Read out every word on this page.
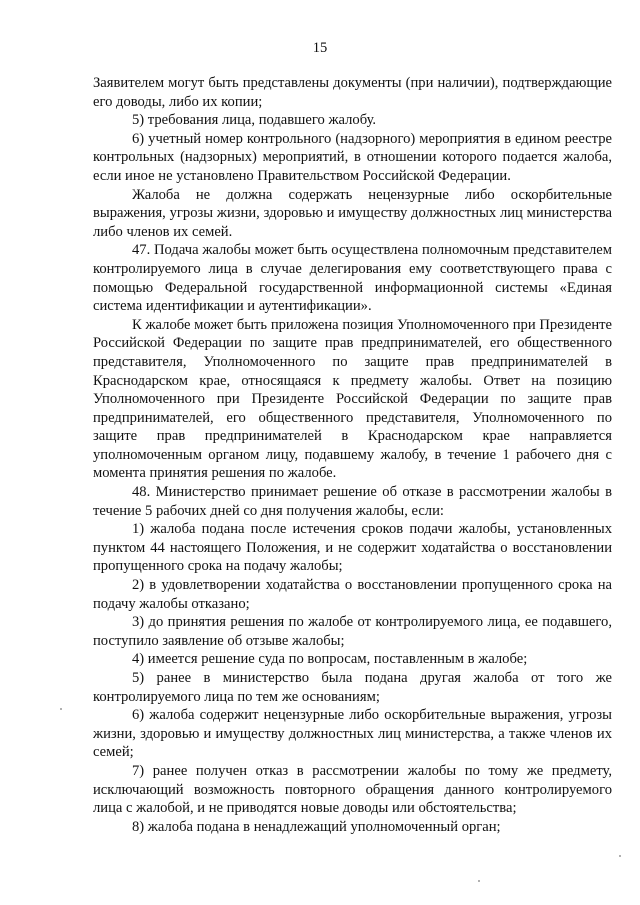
15

Заявителем могут быть представлены документы (при наличии), подтверждающие его доводы, либо их копии;

5) требования лица, подавшего жалобу.

6) учетный номер контрольного (надзорного) мероприятия в едином реестре контрольных (надзорных) мероприятий, в отношении которого подается жалоба, если иное не установлено Правительством Российской Федерации.

Жалоба не должна содержать нецензурные либо оскорбительные выражения, угрозы жизни, здоровью и имуществу должностных лиц министерства либо членов их семей.

47. Подача жалобы может быть осуществлена полномочным представителем контролируемого лица в случае делегирования ему соответствующего права с помощью Федеральной государственной информационной системы «Единая система идентификации и аутентификации».

К жалобе может быть приложена позиция Уполномоченного при Президенте Российской Федерации по защите прав предпринимателей, его общественного представителя, Уполномоченного по защите прав предпринимателей в Краснодарском крае, относящаяся к предмету жалобы. Ответ на позицию Уполномоченного при Президенте Российской Федерации по защите прав предпринимателей, его общественного представителя, Уполномоченного по защите прав предпринимателей в Краснодарском крае направляется уполномоченным органом лицу, подавшему жалобу, в течение 1 рабочего дня с момента принятия решения по жалобе.

48. Министерство принимает решение об отказе в рассмотрении жалобы в течение 5 рабочих дней со дня получения жалобы, если:

1) жалоба подана после истечения сроков подачи жалобы, установленных пунктом 44 настоящего Положения, и не содержит ходатайства о восстановлении пропущенного срока на подачу жалобы;

2) в удовлетворении ходатайства о восстановлении пропущенного срока на подачу жалобы отказано;

3) до принятия решения по жалобе от контролируемого лица, ее подавшего, поступило заявление об отзыве жалобы;

4) имеется решение суда по вопросам, поставленным в жалобе;

5) ранее в министерство была подана другая жалоба от того же контролируемого лица по тем же основаниям;

6) жалоба содержит нецензурные либо оскорбительные выражения, угрозы жизни, здоровью и имуществу должностных лиц министерства, а также членов их семей;

7) ранее получен отказ в рассмотрении жалобы по тому же предмету, исключающий возможность повторного обращения данного контролируемого лица с жалобой, и не приводятся новые доводы или обстоятельства;

8) жалоба подана в ненадлежащий уполномоченный орган;
